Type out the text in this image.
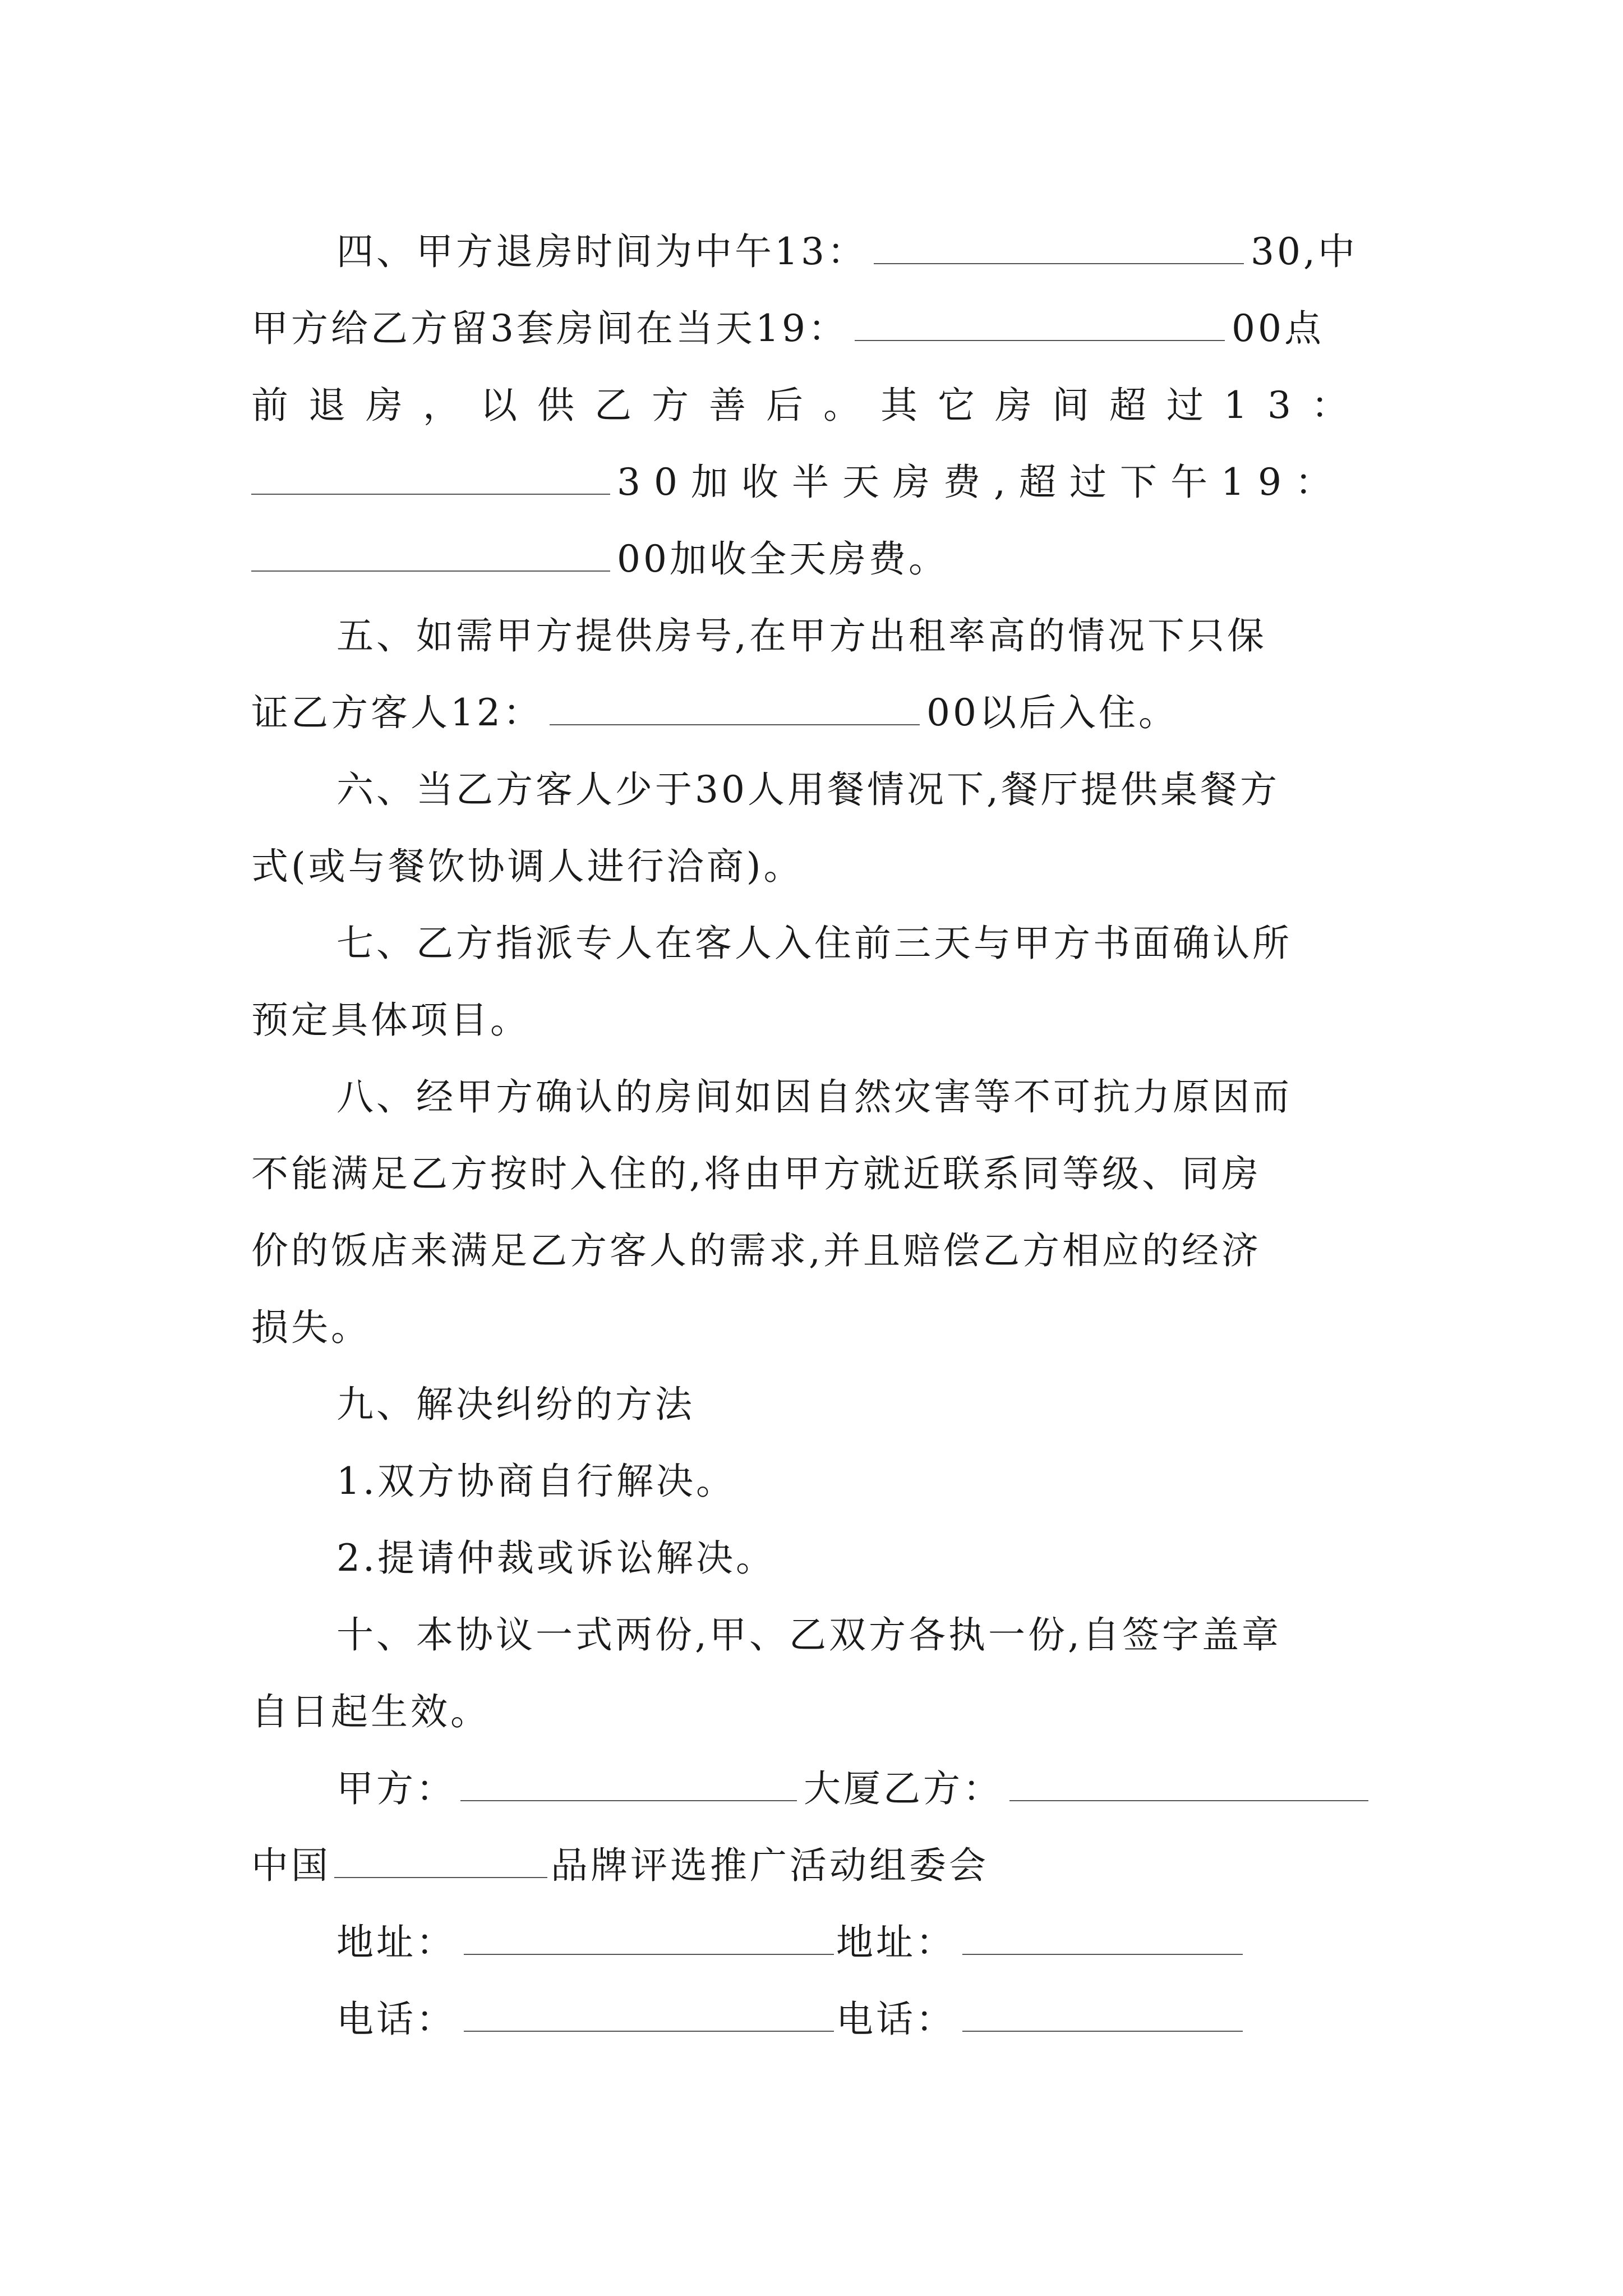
四、甲方退房时间为中午13：	30,中
甲方给乙方留3套房间在当天19：	00点
前退房，以供乙方善后。其它房间超过13：
30加收半天房费,超过下午19：
00加收全天房费。
五、如需甲方提供房号,在甲方出租率高的情况下只保
证乙方客人12：	00以后入住。
六、当乙方客人少于30人用餐情况下,餐厅提供桌餐方
式(或与餐饮协调人进行洽商)。
七、乙方指派专人在客人入住前三天与甲方书面确认所
预定具体项目。
八、经甲方确认的房间如因自然灾害等不可抗力原因而
不能满足乙方按时入住的,将由甲方就近联系同等级、同房
价的饭店来满足乙方客人的需求,并且赔偿乙方相应的经济
损失。
九、解决纠纷的方法
1.双方协商自行解决。
2.提请仲裁或诉讼解决。
十、本协议一式两份,甲、乙双方各执一份,自签字盖章
自日起生效。
甲方：	大厦乙方：
中国	品牌评选推广活动组委会
地址：	地址：
电话：	电话：
